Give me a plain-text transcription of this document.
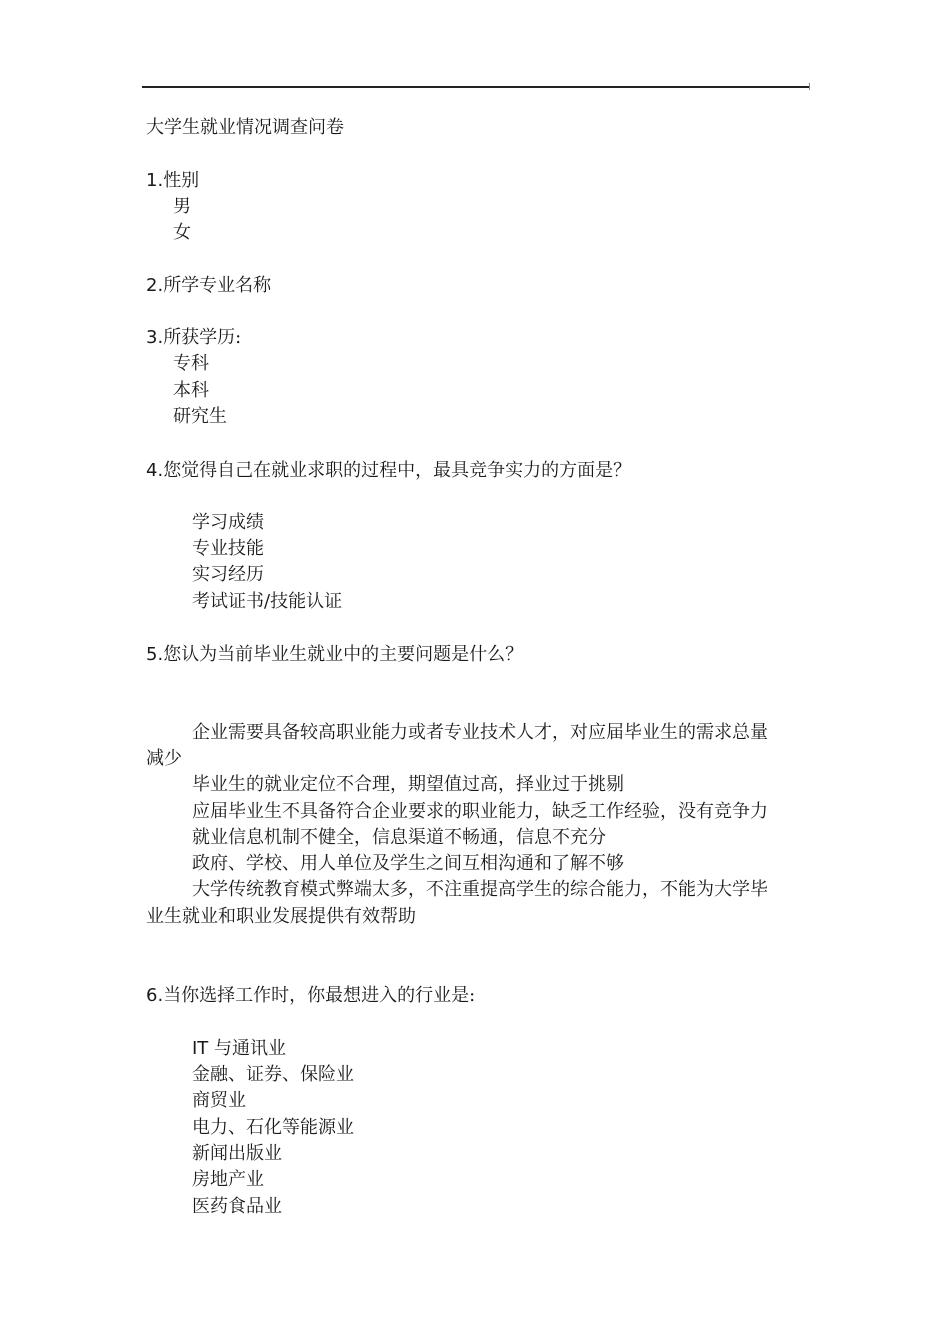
大学生就业情况调查问卷
1.性别
男
女
2.所学专业名称
3.所获学历:
专科
本科
研究生
4.您觉得自己在就业求职的过程中，最具竞争实力的方面是？
学习成绩
专业技能
实习经历
考试证书/技能认证
5.您认为当前毕业生就业中的主要问题是什么？
企业需要具备较高职业能力或者专业技术人才，对应届毕业生的需求总量
减少
毕业生的就业定位不合理，期望值过高，择业过于挑剔
应届毕业生不具备符合企业要求的职业能力，缺乏工作经验，没有竞争力
就业信息机制不健全，信息渠道不畅通，信息不充分
政府、学校、用人单位及学生之间互相沟通和了解不够
大学传统教育模式弊端太多，不注重提高学生的综合能力，不能为大学毕
业生就业和职业发展提供有效帮助
6.当你选择工作时，你最想进入的行业是:
IT 与通讯业
金融、证券、保险业
商贸业
电力、石化等能源业
新闻出版业
房地产业
医药食品业
